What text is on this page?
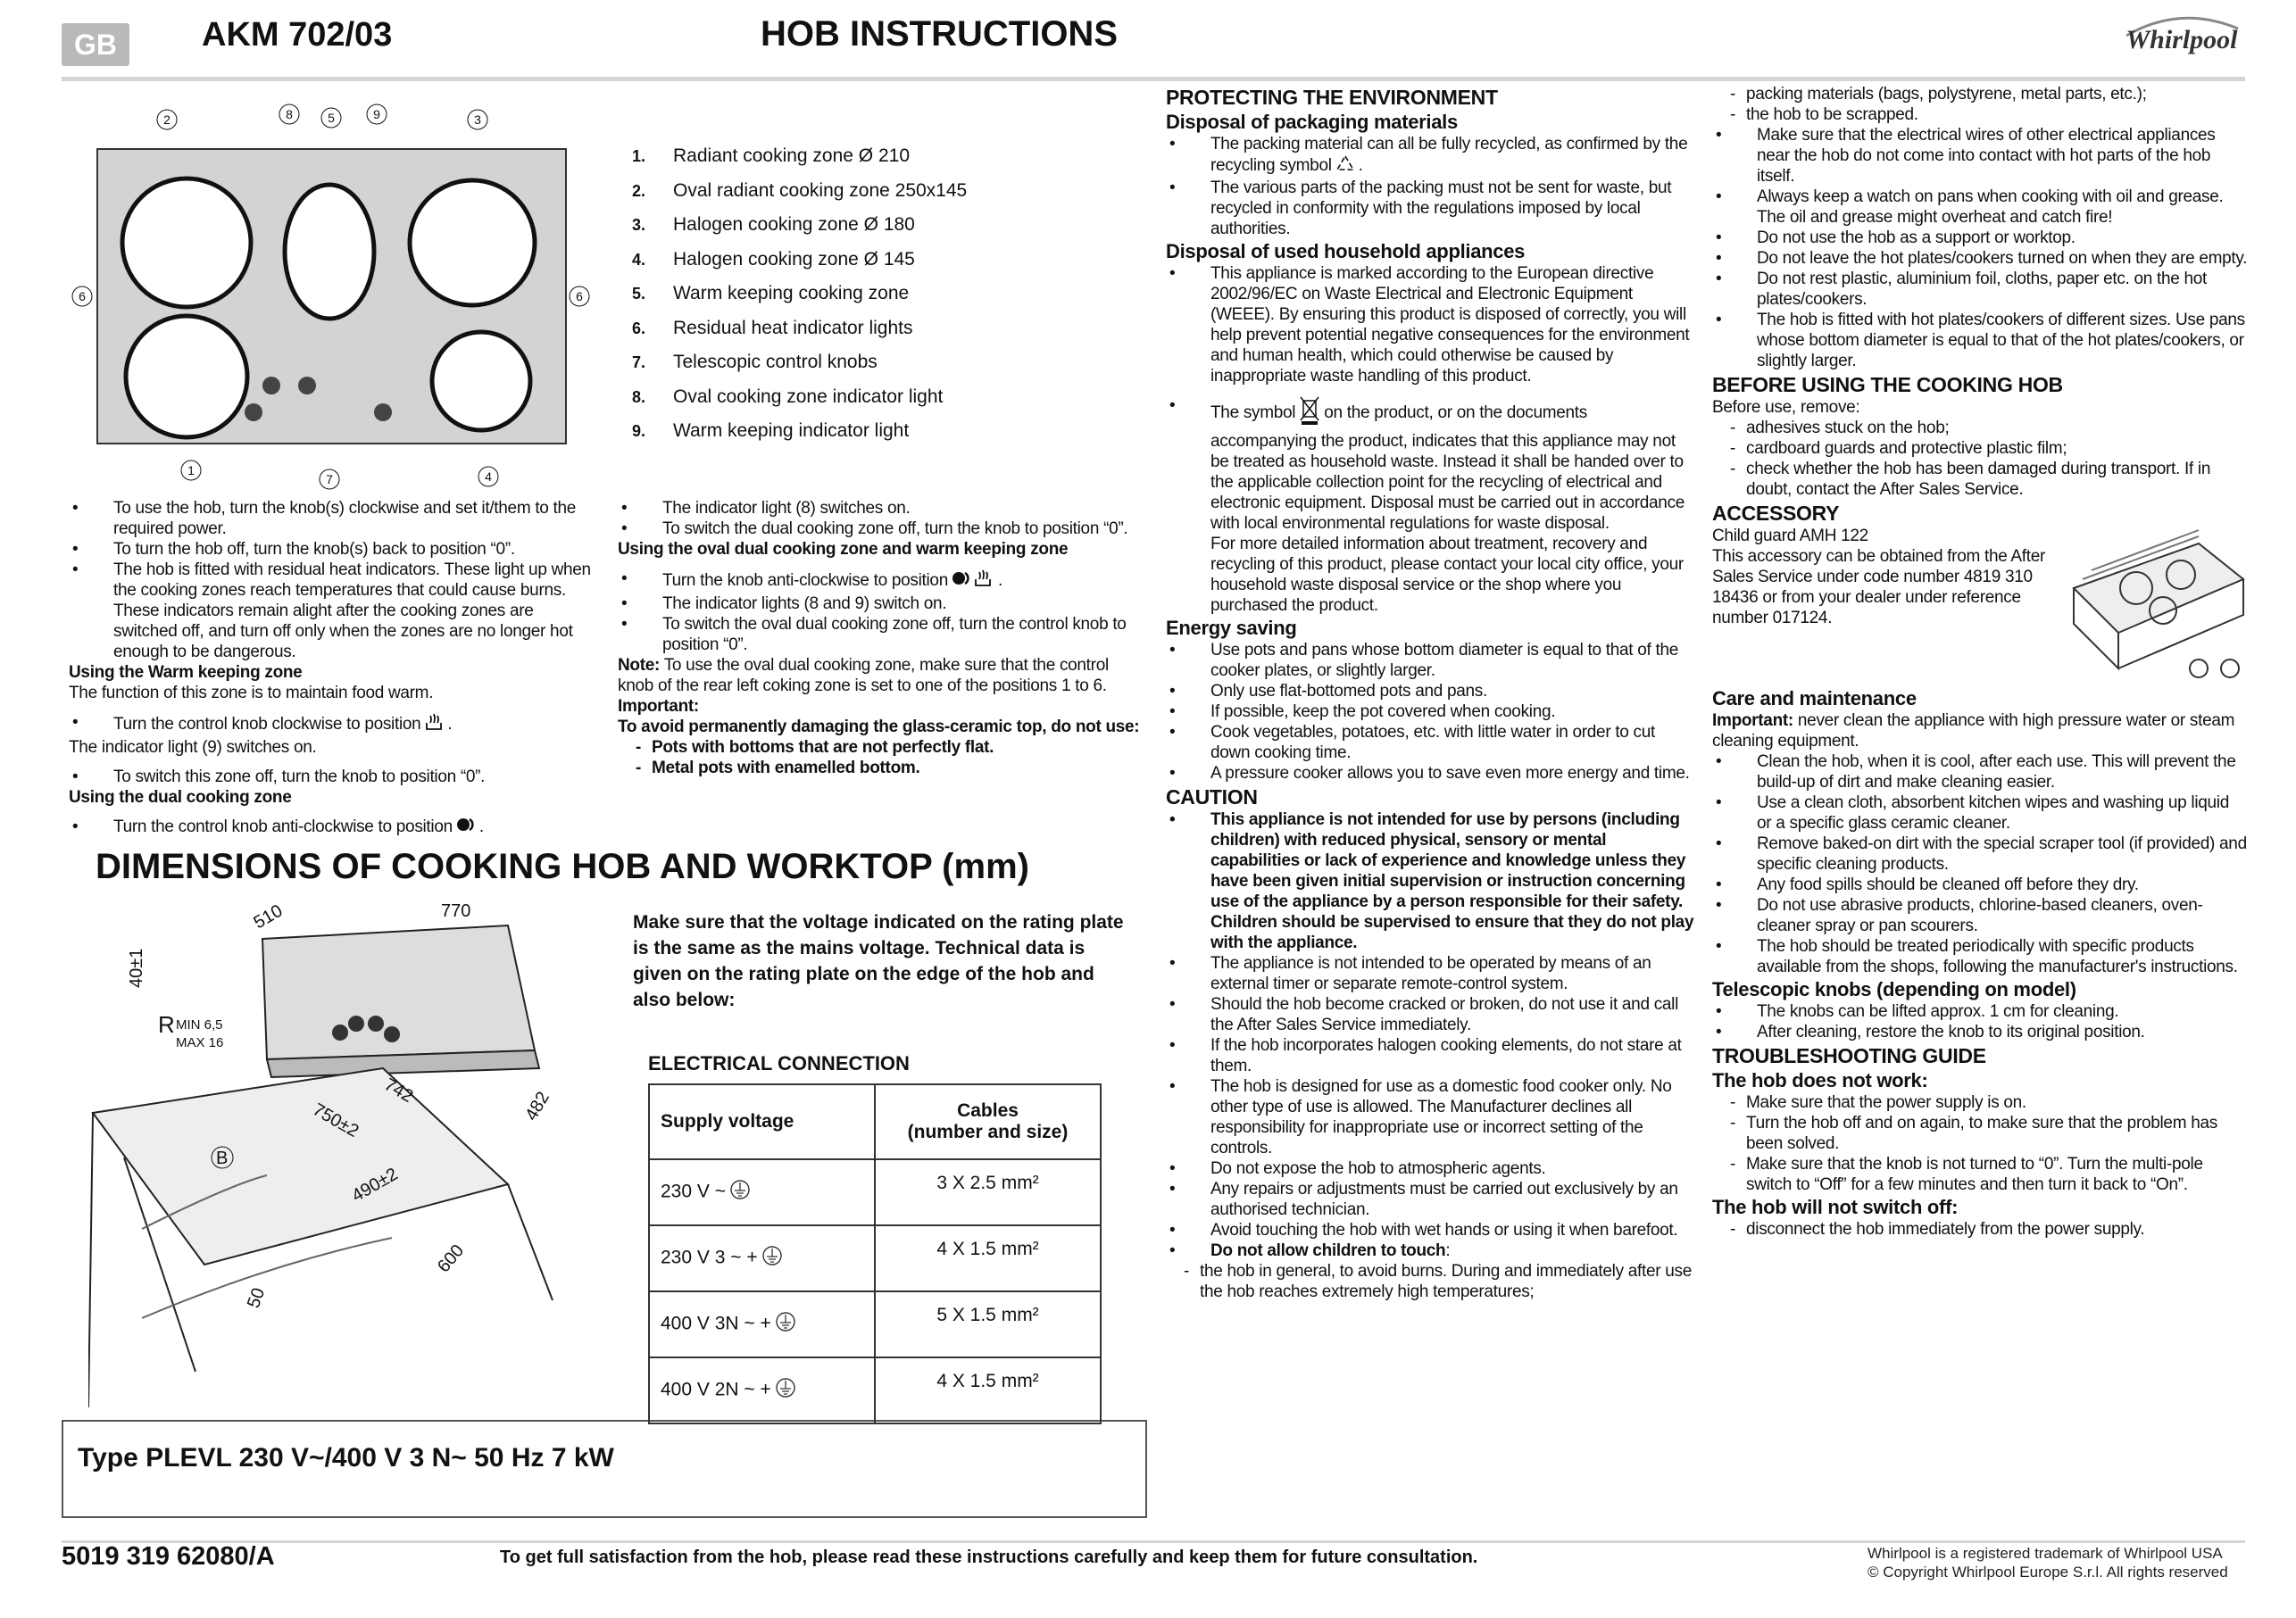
GB	AKM 702/03	HOB INSTRUCTIONS	Whirlpool
1
2	3
4
5
6
7
8	9
6
1. Radiant cooking zone Ø 210
2. Oval radiant cooking zone 250x145
3. Halogen cooking zone Ø 180
4. Halogen cooking zone Ø 145
5. Warm keeping cooking zone
6. Residual heat indicator lights
7. Telescopic control knobs
8. Oval cooking zone indicator light
9. Warm keeping indicator light
• To use the hob, turn the knob(s) clockwise and set it/them to the required power.
• To turn the hob off, turn the knob(s) back to position “0”.
• The hob is fitted with residual heat indicators. These light up when the cooking zones reach temperatures that could cause burns. These indicators remain alight after the cooking zones are switched off, and turn off only when the zones are no longer hot enough to be dangerous.
Using the Warm keeping zone
The function of this zone is to maintain food warm.
• Turn the control knob clockwise to position .
The indicator light (9) switches on.
• To switch this zone off, turn the knob to position “0”.
Using the dual cooking zone
• Turn the control knob anti-clockwise to position .
• The indicator light (8) switches on.
• To switch the dual cooking zone off, turn the knob to position “0”.
Using the oval dual cooking zone and warm keeping zone
• Turn the knob anti-clockwise to position	.
• The indicator lights (8 and 9) switch on.
• To switch the oval dual cooking zone off, turn the control knob to position “0”.
Note: To use the oval dual cooking zone, make sure that the control knob of the rear left coking zone is set to one of the positions 1 to 6.
Important:
To avoid permanently damaging the glass-ceramic top, do not use:
- Pots with bottoms that are not perfectly flat.
- Metal pots with enamelled bottom.
DIMENSIONS OF COOKING HOB AND WORKTOP (mm)
770
510
40±1
R MIN 6,5
MAX 16
742
750±2	482
490±2
600
50
B
Make sure that the voltage indicated on the rating plate is the same as the mains voltage. Technical data is given on the rating plate on the edge of the hob and also below:
ELECTRICAL CONNECTION
Supply voltage	Cables
(number and size)
230 V ~	3 X 2.5 mm²
230 V 3 ~ +	4 X 1.5 mm²
400 V 3N ~ +	5 X 1.5 mm²
400 V 2N ~ +	4 X 1.5 mm²
Type PLEVL 230 V~/400 V 3 N~ 50 Hz 7 kW
PROTECTING THE ENVIRONMENT
Disposal of packaging materials
• The packing material can all be fully recycled, as confirmed by the recycling symbol .
• The various parts of the packing must not be sent for waste, but recycled in conformity with the regulations imposed by local authorities.
Disposal of used household appliances
• This appliance is marked according to the European directive 2002/96/EC on Waste Electrical and Electronic Equipment (WEEE). By ensuring this product is disposed of correctly, you will help prevent potential negative consequences for the environment and human health, which could otherwise be caused by inappropriate waste handling of this product.
• The symbol on the product, or on the documents accompanying the product, indicates that this appliance may not be treated as household waste. Instead it shall be handed over to the applicable collection point for the recycling of electrical and electronic equipment. Disposal must be carried out in accordance with local environmental regulations for waste disposal.
For more detailed information about treatment, recovery and recycling of this product, please contact your local city office, your household waste disposal service or the shop where you purchased the product.
Energy saving
• Use pots and pans whose bottom diameter is equal to that of the cooker plates, or slightly larger.
• Only use flat-bottomed pots and pans.
• If possible, keep the pot covered when cooking.
• Cook vegetables, potatoes, etc. with little water in order to cut down cooking time.
• A pressure cooker allows you to save even more energy and time.
CAUTION
• This appliance is not intended for use by persons (including children) with reduced physical, sensory or mental capabilities or lack of experience and knowledge unless they have been given initial supervision or instruction concerning use of the appliance by a person responsible for their safety. Children should be supervised to ensure that they do not play with the appliance.
• The appliance is not intended to be operated by means of an external timer or separate remote-control system.
• Should the hob become cracked or broken, do not use it and call the After Sales Service immediately.
• If the hob incorporates halogen cooking elements, do not stare at them.
• The hob is designed for use as a domestic food cooker only. No other type of use is allowed. The Manufacturer declines all responsibility for inappropriate use or incorrect setting of the controls.
• Do not expose the hob to atmospheric agents.
• Any repairs or adjustments must be carried out exclusively by an authorised technician.
• Avoid touching the hob with wet hands or using it when barefoot.
• Do not allow children to touch:
- the hob in general, to avoid burns. During and immediately after use the hob reaches extremely high temperatures;
- packing materials (bags, polystyrene, metal parts, etc.);
- the hob to be scrapped.
• Make sure that the electrical wires of other electrical appliances near the hob do not come into contact with hot parts of the hob itself.
• Always keep a watch on pans when cooking with oil and grease. The oil and grease might overheat and catch fire!
• Do not use the hob as a support or worktop.
• Do not leave the hot plates/cookers turned on when they are empty.
• Do not rest plastic, aluminium foil, cloths, paper etc. on the hot plates/cookers.
• The hob is fitted with hot plates/cookers of different sizes. Use pans whose bottom diameter is equal to that of the hot plates/cookers, or slightly larger.
BEFORE USING THE COOKING HOB
Before use, remove:
- adhesives stuck on the hob;
- cardboard guards and protective plastic film;
- check whether the hob has been damaged during transport. If in doubt, contact the After Sales Service.
ACCESSORY
Child guard AMH 122
This accessory can be obtained from the After Sales Service under code number 4819 310 18436 or from your dealer under reference number 017124.
Care and maintenance
Important: never clean the appliance with high pressure water or steam cleaning equipment.
• Clean the hob, when it is cool, after each use. This will prevent the build-up of dirt and make cleaning easier.
• Use a clean cloth, absorbent kitchen wipes and washing up liquid or a specific glass ceramic cleaner.
• Remove baked-on dirt with the special scraper tool (if provided) and specific cleaning products.
• Any food spills should be cleaned off before they dry.
• Do not use abrasive products, chlorine-based cleaners, oven-cleaner spray or pan scourers.
• The hob should be treated periodically with specific products available from the shops, following the manufacturer's instructions.
Telescopic knobs (depending on model)
• The knobs can be lifted approx. 1 cm for cleaning.
• After cleaning, restore the knob to its original position.
TROUBLESHOOTING GUIDE
The hob does not work:
- Make sure that the power supply is on.
- Turn the hob off and on again, to make sure that the problem has been solved.
- Make sure that the knob is not turned to “0”. Turn the multi-pole switch to “Off” for a few minutes and then turn it back to “On”.
The hob will not switch off:
- disconnect the hob immediately from the power supply.
5019 319 62080/A	To get full satisfaction from the hob, please read these instructions carefully and keep them for future consultation.	Whirlpool is a registered trademark of Whirlpool USA
© Copyright Whirlpool Europe S.r.l. All rights reserved
